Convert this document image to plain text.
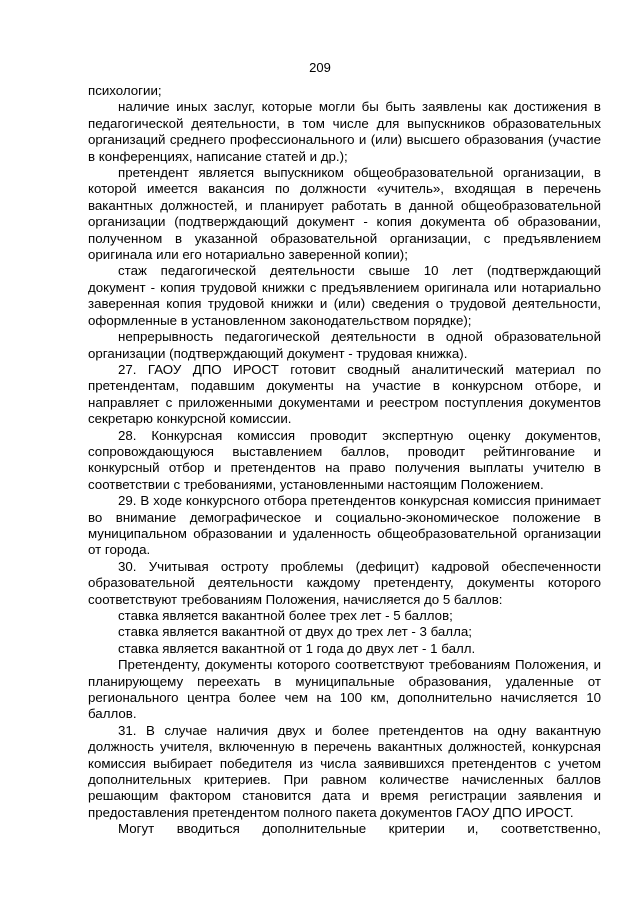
209

психологии;

наличие иных заслуг, которые могли бы быть заявлены как достижения в педагогической деятельности, в том числе для выпускников образовательных организаций среднего профессионального и (или) высшего образования (участие в конференциях, написание статей и др.);

претендент является выпускником общеобразовательной организации, в которой имеется вакансия по должности «учитель», входящая в перечень вакантных должностей, и планирует работать в данной общеобразовательной организации (подтверждающий документ - копия документа об образовании, полученном в указанной образовательной организации, с предъявлением оригинала или его нотариально заверенной копии);

стаж педагогической деятельности свыше 10 лет (подтверждающий документ - копия трудовой книжки с предъявлением оригинала или нотариально заверенная копия трудовой книжки и (или) сведения о трудовой деятельности, оформленные в установленном законодательством порядке);

непрерывность педагогической деятельности в одной образовательной организации (подтверждающий документ - трудовая книжка).

27. ГАОУ ДПО ИРОСТ готовит сводный аналитический материал по претендентам, подавшим документы на участие в конкурсном отборе, и направляет с приложенными документами и реестром поступления документов секретарю конкурсной комиссии.

28. Конкурсная комиссия проводит экспертную оценку документов, сопровождающуюся выставлением баллов, проводит рейтингование и конкурсный отбор и претендентов на право получения выплаты учителю в соответствии с требованиями, установленными настоящим Положением.

29. В ходе конкурсного отбора претендентов конкурсная комиссия принимает во внимание демографическое и социально-экономическое положение в муниципальном образовании и удаленность общеобразовательной организации от города.

30. Учитывая остроту проблемы (дефицит) кадровой обеспеченности образовательной деятельности каждому претенденту, документы которого соответствуют требованиям Положения, начисляется до 5 баллов:

ставка является вакантной более трех лет - 5 баллов;

ставка является вакантной от двух до трех лет - 3 балла;

ставка является вакантной от 1 года до двух лет - 1 балл.

Претенденту, документы которого соответствуют требованиям Положения, и планирующему переехать в муниципальные образования, удаленные от регионального центра более чем на 100 км, дополнительно начисляется 10 баллов.

31. В случае наличия двух и более претендентов на одну вакантную должность учителя, включенную в перечень вакантных должностей, конкурсная комиссия выбирает победителя из числа заявившихся претендентов с учетом дополнительных критериев. При равном количестве начисленных баллов решающим фактором становится дата и время регистрации заявления и предоставления претендентом полного пакета документов ГАОУ ДПО ИРОСТ.

Могут вводиться дополнительные критерии и, соответственно,
